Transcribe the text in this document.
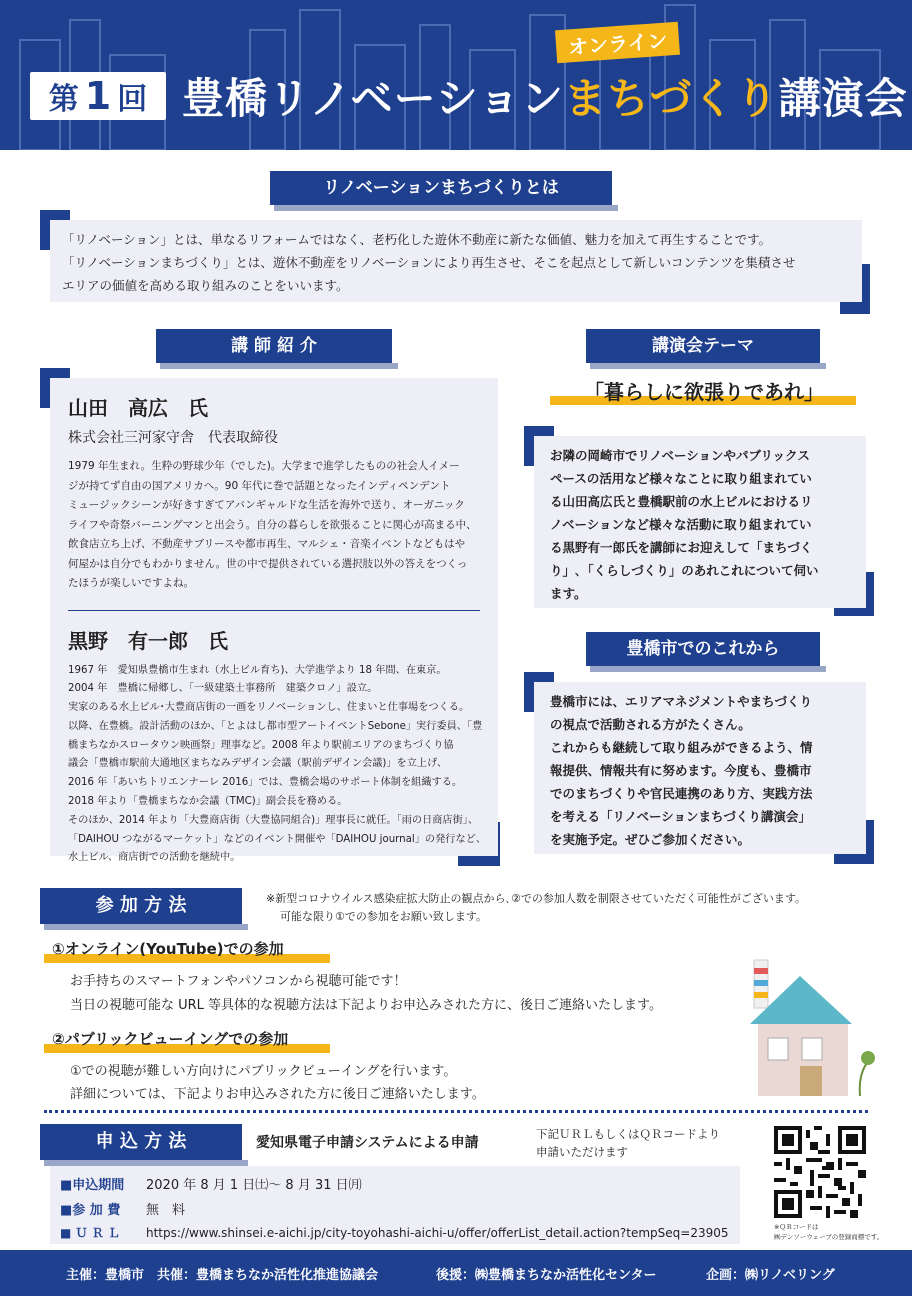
第 1 回
オンライン
豊橋リノベーションまちづくり講演会
リノベーションまちづくりとは
「リノベーション」とは、単なるリフォームではなく、老朽化した遊休不動産に新たな価値、魅力を加えて再生することです。
「リノベーションまちづくり」とは、遊休不動産をリノベーションにより再生させ、そこを起点として新しいコンテンツを集積させ
エリアの価値を高める取り組みのことをいいます。
講 師 紹 介
山田　高広　氏
株式会社三河家守舎　代表取締役
1979 年生まれ。生粋の野球少年（でした)。大学まで進学したものの社会人イメー
ジが持てず自由の国アメリカへ。90 年代に巻で話題となったインディペンデント
ミュージックシーンが好きすぎてアバンギャルドな生活を海外で送り、オーガニック
ライフや奇祭バーニングマンと出会う。自分の暮らしを欲張ることに関心が高まる中、
飲食店立ち上げ、不動産サブリースや都市再生、マルシェ・音楽イベントなどもはや
何屋かは自分でもわかりません。世の中で提供されている選択肢以外の答えをつくっ
たほうが楽しいですよね。
黒野　有一郎　氏
1967 年　愛知県豊橋市生まれ（水上ビル育ち)、大学進学より 18 年間、在東京。
2004 年　豊橋に帰郷し、「一級建築士事務所　建築クロノ」設立。
実家のある水上ビル･大豊商店街の一画をリノベーションし、住まいと仕事場をつくる。
以降、在豊橋。設計活動のほか、「とよはし都市型アートイベントSebone」実行委員、「豊
橋まちなかスロータウン映画祭」理事など。2008 年より駅前エリアのまちづくり協
議会「豊橋市駅前大通地区まちなみデザイン会議（駅前デザイン会議)」を立上げ、
2016 年「あいちトリエンナーレ 2016」では、豊橋会場のサポート体制を組織する。
2018 年より「豊橋まちなか会議（TMC)」副会長を務める。
そのほか、2014 年より「大豊商店街（大豊協同組合)」理事長に就任。「雨の日商店街」、
「DAIHOU つながるマーケット」などのイベント開催や「DAIHOU journal」の発行など、
水上ビル、商店街での活動を継続中。
講演会テーマ
「暮らしに欲張りであれ」
お隣の岡崎市でリノベーションやパブリックス
ペースの活用など様々なことに取り組まれてい
る山田高広氏と豊橋駅前の水上ビルにおけるリ
ノベーションなど様々な活動に取り組まれてい
る黒野有一郎氏を講師にお迎えして「まちづく
り」､「くらしづくり」のあれこれについて伺い
ます。
豊橋市でのこれから
豊橋市には、エリアマネジメントやまちづくり
の視点で活動される方がたくさん。
これからも継続して取り組みができるよう、情
報提供、情報共有に努めます。今度も、豊橋市
でのまちづくりや官民連携のあり方、実践方法
を考える「リノベーションまちづくり講演会」
を実施予定。ぜひご参加ください。
参 加 方 法	※新型コロナウイルス感染症拡大防止の観点から､②での参加人数を制限させていただく可能性がございます。
可能な限り①での参加をお願い致します。
①オンライン(YouTube)での参加
お手持ちのスマートフォンやパソコンから視聴可能です！
当日の視聴可能な URL 等具体的な視聴方法は下記よりお申込みされた方に、後日ご連絡いたします。
②パブリックビューイングでの参加
①での視聴が難しい方向けにパブリックビューイングを行います。
詳細については、下記よりお申込みされた方に後日ご連絡いたします。
申 込 方 法	愛知県電子申請システムによる申請
下記ＵＲＬもしくはＱＲコードより
申請いただけます
■申込期間 2020 年 8 月 1 日㈯～ 8 月 31 日㈪
■参 加 費 無　料
■ Ｕ Ｒ Ｌ https://www.shinsei.e-aichi.jp/city-toyohashi-aichi-u/offer/offerList_detail.action?tempSeq=23905	※ＱＲコードは
㈱デンソーウェーブの登録商標です。
主催：豊橋市　共催：豊橋まちなか活性化推進協議会	後援：㈱豊橋まちなか活性化センター	企画：㈱リノベリング
